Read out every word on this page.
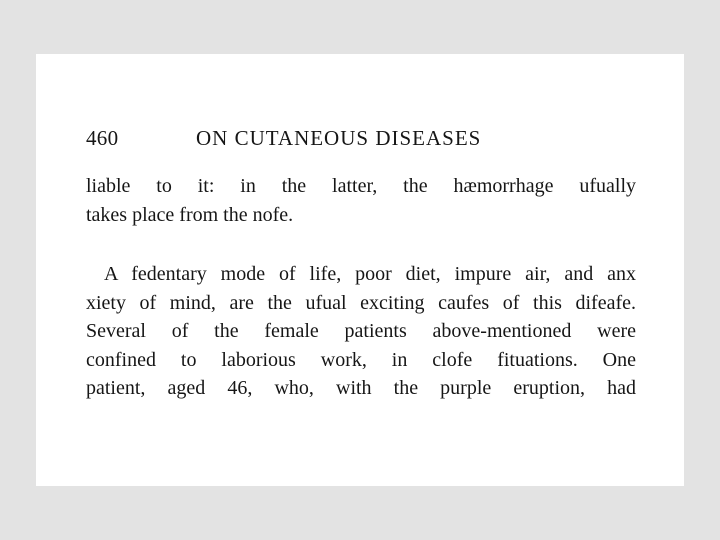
460	ON CUTANEOUS DISEASES
liable to it: in the latter, the hæmorrhage ufually
takes place from the nofe.
A fedentary mode of life, poor diet, impure air, and anx
xiety of mind, are the ufual exciting caufes of this difeafe.
Several of the female patients above-mentioned were
confined to laborious work, in clofe fituations. One
patient, aged 46, who, with the purple eruption, had
